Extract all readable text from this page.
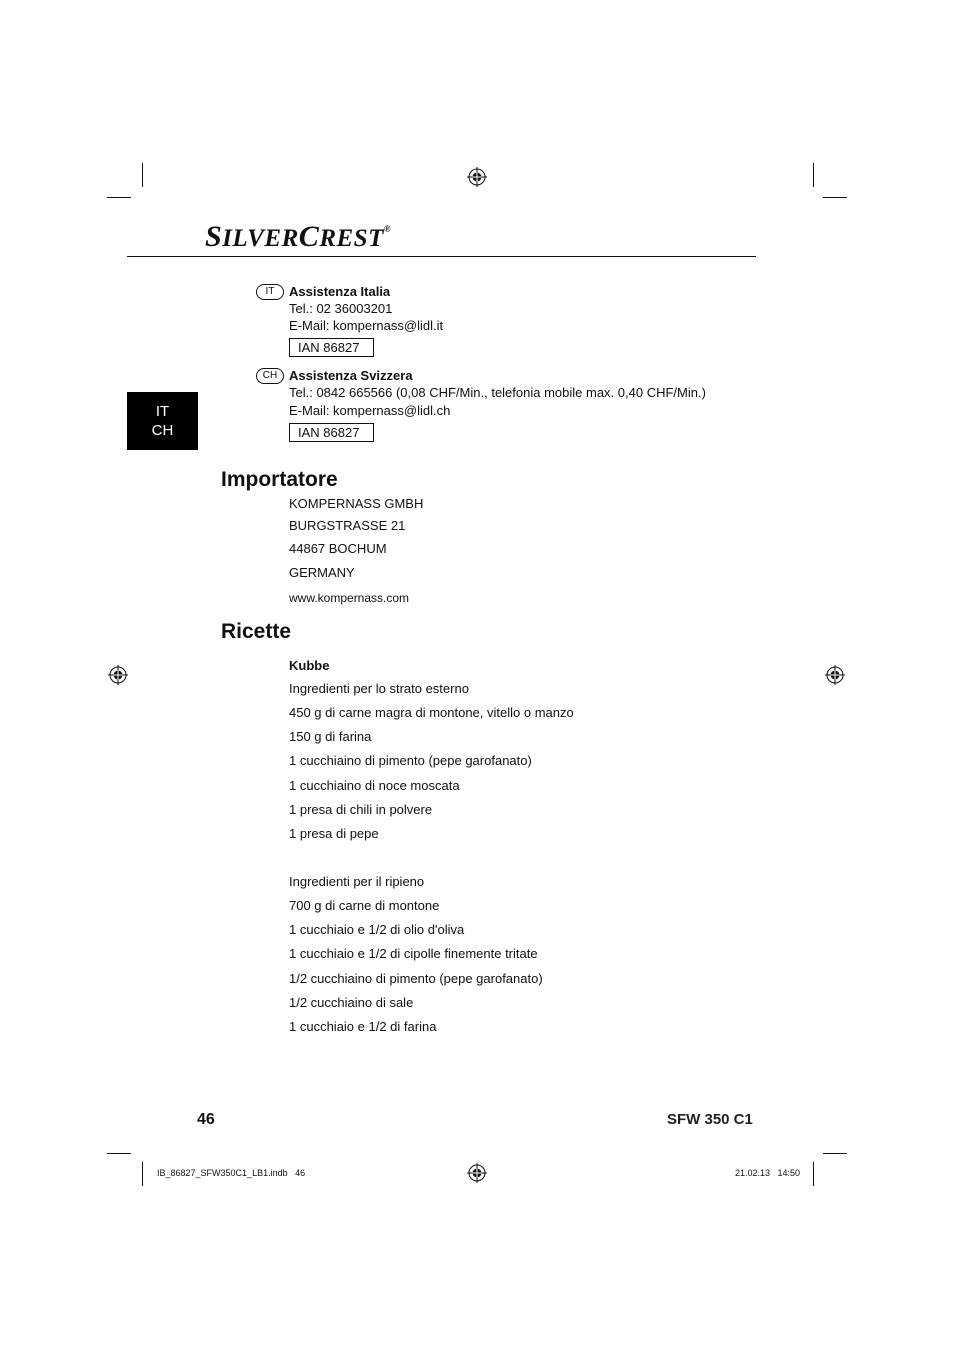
SILVERCREST®
IT
CH
IT	Assistenza Italia
Tel.: 02 36003201
E-Mail: kompernass@lidl.it
IAN 86827
CH Assistenza Svizzera
Tel.: 0842 665566 (0,08 CHF/Min., telefonia mobile max. 0,40 CHF/Min.)
E-Mail: kompernass@lidl.ch
IAN 86827
Importatore
KOMPERNASS GMBH
BURGSTRASSE 21
44867 BOCHUM
GERMANY
www.kompernass.com
Ricette
Kubbe
Ingredienti per lo strato esterno
450 g di carne magra di montone, vitello o manzo
150 g di farina
1 cucchiaino di pimento (pepe garofanato)
1 cucchiaino di noce moscata
1 presa di chili in polvere
1 presa di pepe
Ingredienti per il ripieno
700 g di carne di montone
1 cucchiaio e 1/2 di olio d'oliva
1 cucchiaio e 1/2 di cipolle finemente tritate
1/2 cucchiaino di pimento (pepe garofanato)
1/2 cucchiaino di sale
1 cucchiaio e 1/2 di farina
46	SFW 350 C1
IB_86827_SFW350C1_LB1.indb   46	21.02.13   14:50
